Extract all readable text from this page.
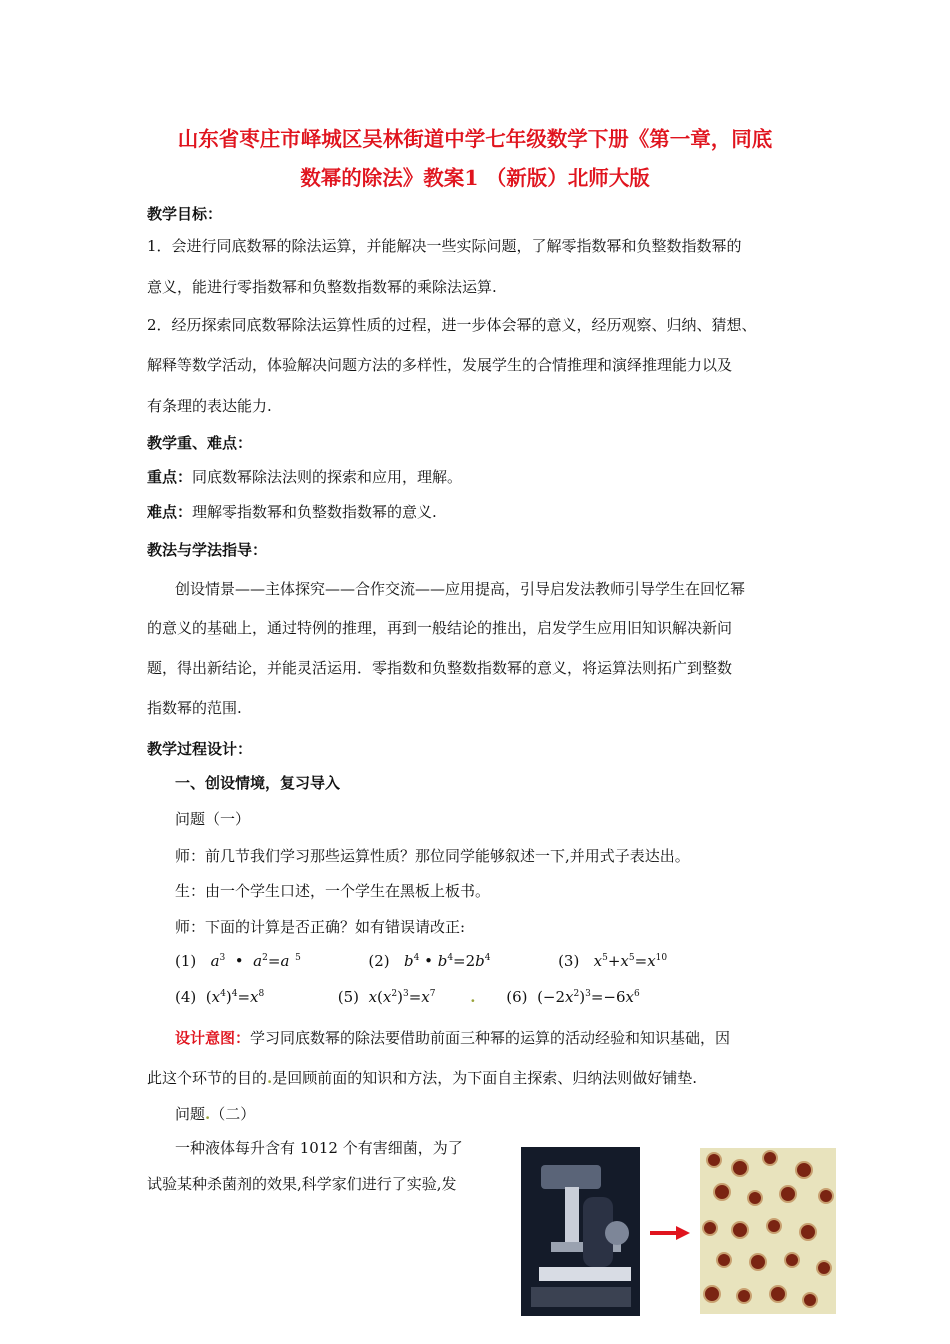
山东省枣庄市峄城区吴林街道中学七年级数学下册《第一章，同底
数幂的除法》教案1 （新版）北师大版
教学目标：
1．会进行同底数幂的除法运算，并能解决一些实际问题，了解零指数幂和负整数指数幂的
意义，能进行零指数幂和负整数指数幂的乘除法运算.
2．经历探索同底数幂除法运算性质的过程，进一步体会幂的意义，经历观察、归纳、猜想、
解释等数学活动，体验解决问题方法的多样性，发展学生的合情推理和演绎推理能力以及
有条理的表达能力.
教学重、难点：
重点：同底数幂除法法则的探索和应用，理解。
难点：理解零指数幂和负整数指数幂的意义.
教法与学法指导：
创设情景——主体探究——合作交流——应用提高，引导启发法教师引导学生在回忆幂
的意义的基础上，通过特例的推理，再到一般结论的推出，启发学生应用旧知识解决新问
题，得出新结论，并能灵活运用．零指数和负整数指数幂的意义，将运算法则拓广到整数
指数幂的范围.
教学过程设计：
一、创设情境，复习导入
问题（一）
师：前几节我们学习那些运算性质？那位同学能够叙述一下,并用式子表达出。
生：由一个学生口述，一个学生在黑板上板书。
师：下面的计算是否正确？如有错误请改正:
(1) $a^3$  •  $a^2=a$  $^5$	(2) $b^4$ • $b^4=2b^4$	(3) $x^5+x^5=x^{10}$
(4)  $(x^4)^4=x^8$	(5) $x(x^2)^3=x^7$ . (6)  $(-2x^2)^3=-6x^6$
设计意图：学习同底数幂的除法要借助前面三种幂的运算的活动经验和知识基础，因
此这个环节的目的.是回顾前面的知识和方法，为下面自主探索、归纳法则做好铺垫.
问题.（二）
一种液体每升含有 1012 个有害细菌，为了
试验某种杀菌剂的效果,科学家们进行了实验,发
